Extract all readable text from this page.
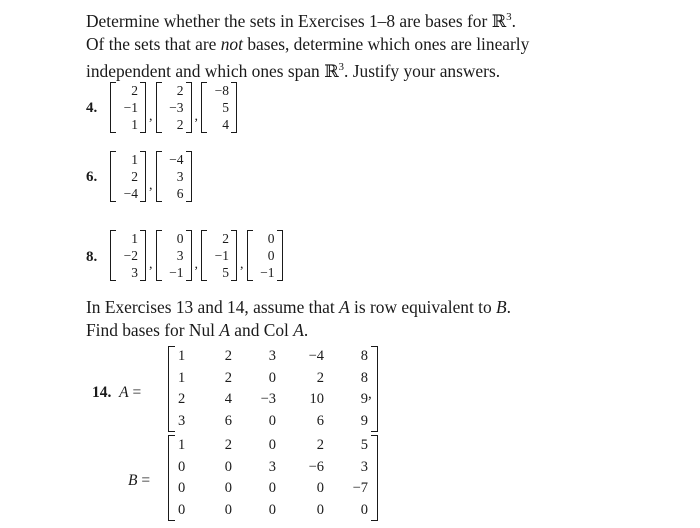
Determine whether the sets in Exercises 1–8 are bases for ℝ$^3$.
Of the sets that are not bases, determine which ones are linearly
independent and which ones span ℝ$^3$. Justify your answers.
4.
2
−1
1
,
2
−3
2
,
−8
5
4
6.
1
2
−4
,
−4
3
6
8.
1
−2
3
,
0
3
−1
,
2
−1
5
,
0
0
−1
In Exercises 13 and 14, assume that A is row equivalent to B.
Find bases for Nul A and Col A.
14. A =
1	2	3	−4	8
1	2	0	2	8
2	4	−3	10	9
3	6	0	6	9
,
B =
1	2	0	2	5
0	0	3	−6	3
0	0	0	0	−7
0	0	0	0	0
